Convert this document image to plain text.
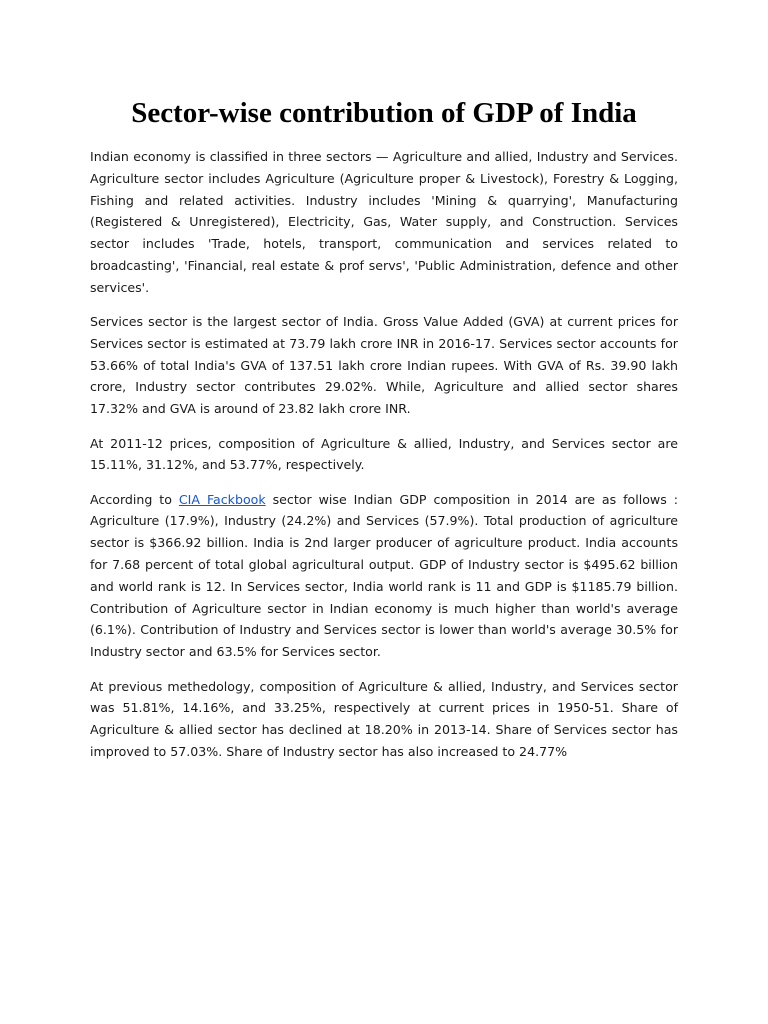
Sector-wise contribution of GDP of India

Indian economy is classified in three sectors — Agriculture and allied, Industry and Services. Agriculture sector includes Agriculture (Agriculture proper & Livestock), Forestry & Logging, Fishing and related activities. Industry includes 'Mining & quarrying', Manufacturing (Registered & Unregistered), Electricity, Gas, Water supply, and Construction. Services sector includes 'Trade, hotels, transport, communication and services related to broadcasting', 'Financial, real estate & prof servs', 'Public Administration, defence and other services'.

Services sector is the largest sector of India. Gross Value Added (GVA) at current prices for Services sector is estimated at 73.79 lakh crore INR in 2016-17. Services sector accounts for 53.66% of total India's GVA of 137.51 lakh crore Indian rupees. With GVA of Rs. 39.90 lakh crore, Industry sector contributes 29.02%. While, Agriculture and allied sector shares 17.32% and GVA is around of 23.82 lakh crore INR.

At 2011-12 prices, composition of Agriculture & allied, Industry, and Services sector are 15.11%, 31.12%, and 53.77%, respectively.

According to CIA Fackbook sector wise Indian GDP composition in 2014 are as follows : Agriculture (17.9%), Industry (24.2%) and Services (57.9%). Total production of agriculture sector is $366.92 billion. India is 2nd larger producer of agriculture product. India accounts for 7.68 percent of total global agricultural output. GDP of Industry sector is $495.62 billion and world rank is 12. In Services sector, India world rank is 11 and GDP is $1185.79 billion. Contribution of Agriculture sector in Indian economy is much higher than world's average (6.1%). Contribution of Industry and Services sector is lower than world's average 30.5% for Industry sector and 63.5% for Services sector.

At previous methedology, composition of Agriculture & allied, Industry, and Services sector was 51.81%, 14.16%, and 33.25%, respectively at current prices in 1950-51. Share of Agriculture & allied sector has declined at 18.20% in 2013-14. Share of Services sector has improved to 57.03%. Share of Industry sector has also increased to 24.77%
